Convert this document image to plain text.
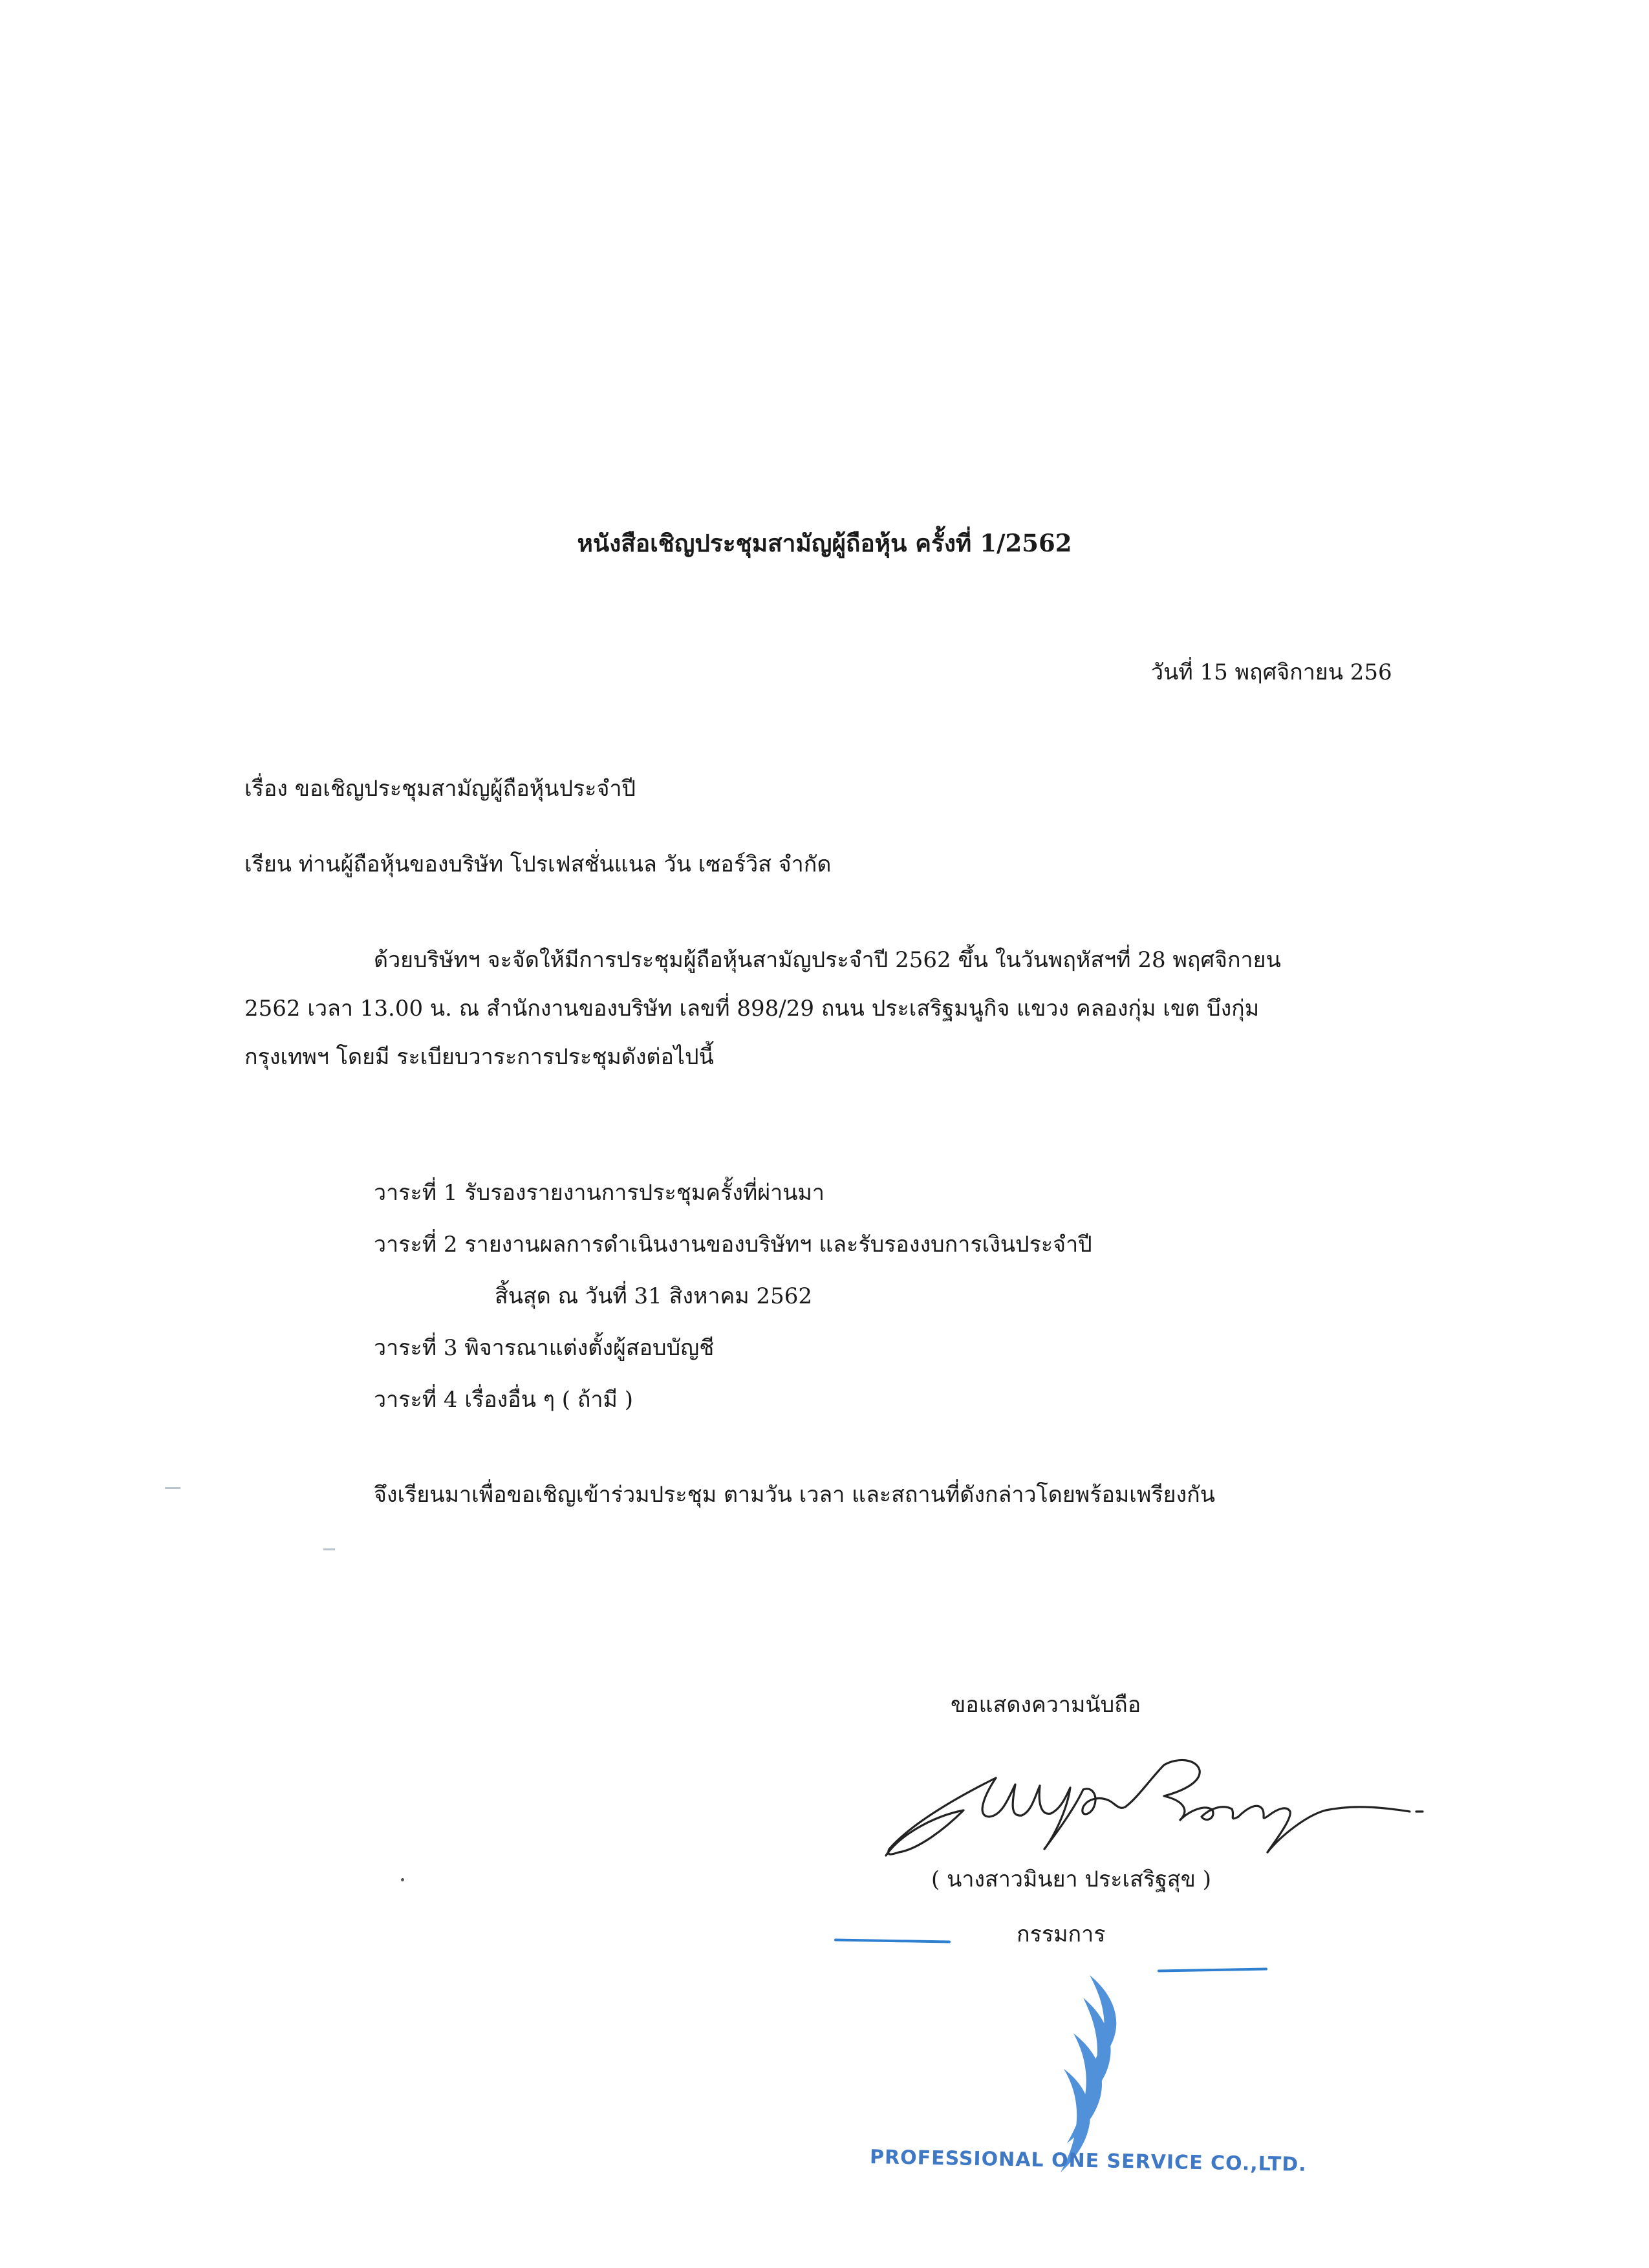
หนังสือเชิญประชุมสามัญผู้ถือหุ้น ครั้งที่ 1/2562
วันที่ 15 พฤศจิกายน 256
เรื่อง ขอเชิญประชุมสามัญผู้ถือหุ้นประจำปี
เรียน ท่านผู้ถือหุ้นของบริษัท โปรเฟสชั่นแนล วัน เซอร์วิส จำกัด
ด้วยบริษัทฯ จะจัดให้มีการประชุมผู้ถือหุ้นสามัญประจำปี 2562 ขึ้น ในวันพฤหัสฯที่ 28 พฤศจิกายน
2562 เวลา 13.00 น. ณ สำนักงานของบริษัท เลขที่ 898/29 ถนน ประเสริฐมนูกิจ แขวง คลองกุ่ม เขต บึงกุ่ม
กรุงเทพฯ โดยมี ระเบียบวาระการประชุมดังต่อไปนี้
วาระที่ 1 รับรองรายงานการประชุมครั้งที่ผ่านมา
วาระที่ 2 รายงานผลการดำเนินงานของบริษัทฯ และรับรองงบการเงินประจำปี
สิ้นสุด ณ วันที่ 31 สิงหาคม 2562
วาระที่ 3 พิจารณาแต่งตั้งผู้สอบบัญชี
วาระที่ 4 เรื่องอื่น ๆ ( ถ้ามี )
จึงเรียนมาเพื่อขอเชิญเข้าร่วมประชุม ตามวัน เวลา และสถานที่ดังกล่าวโดยพร้อมเพรียงกัน
ขอแสดงความนับถือ
( นางสาวมินยา ประเสริฐสุข )
กรรมการ
PROFESSIONAL ONE SERVICE CO.,LTD.
